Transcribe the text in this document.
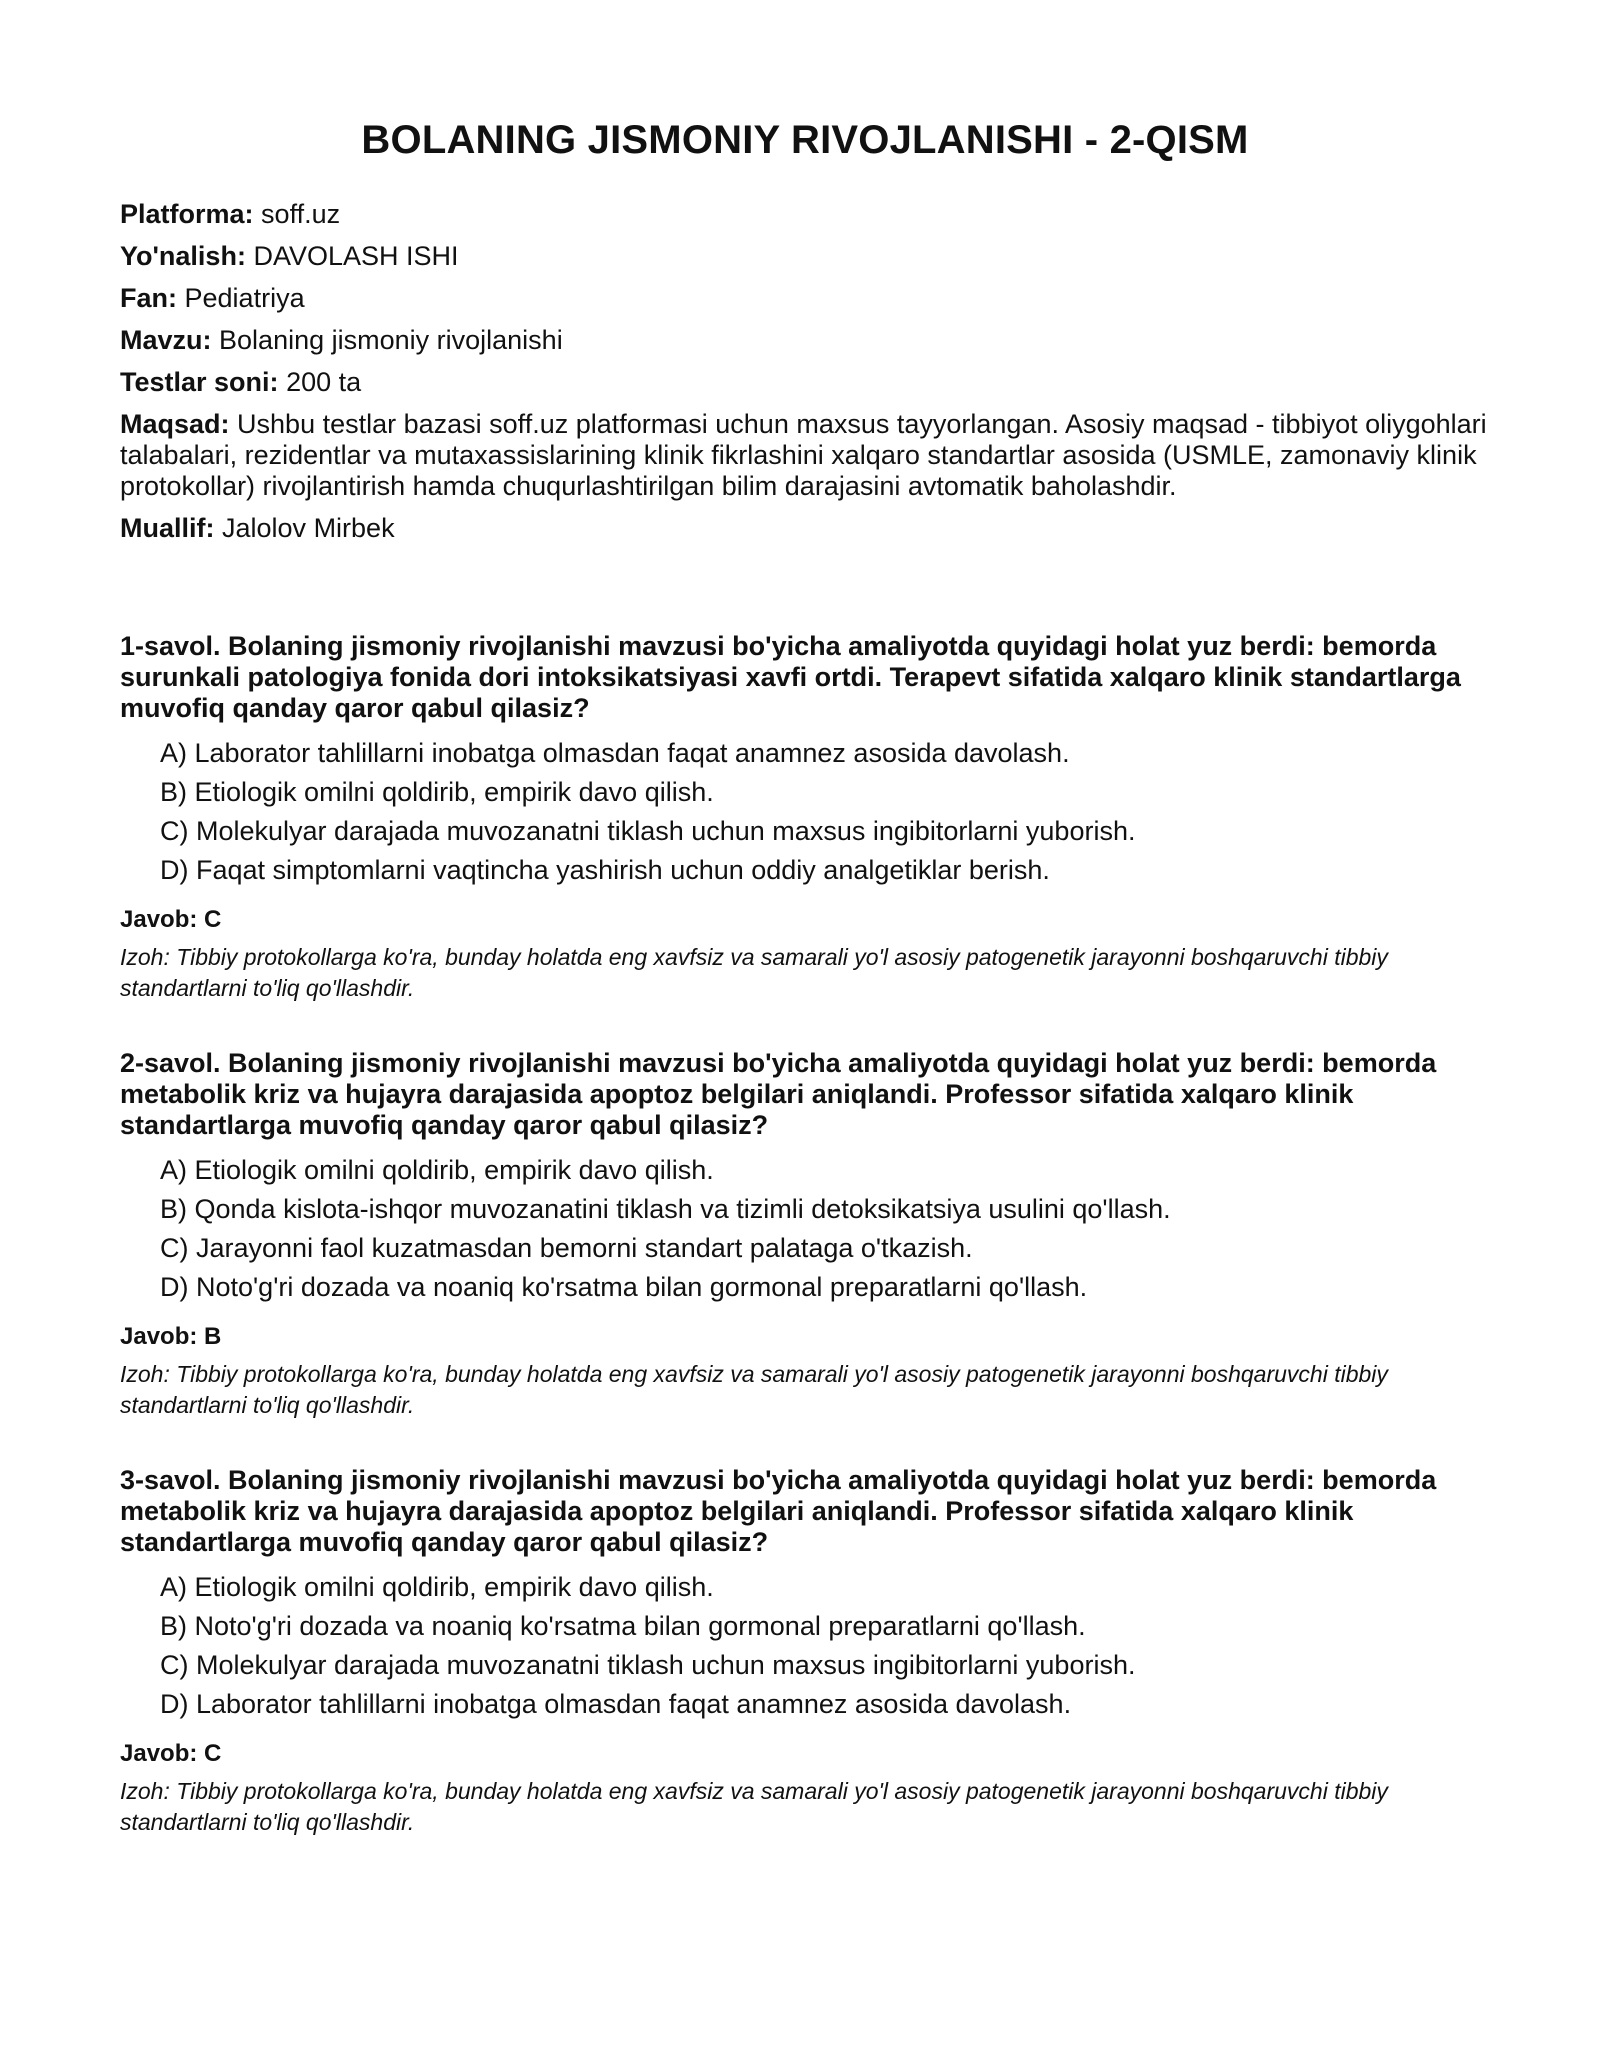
BOLANING JISMONIY RIVOJLANISHI - 2-QISM

Platforma: soff.uz

Yo'nalish: DAVOLASH ISHI

Fan: Pediatriya

Mavzu: Bolaning jismoniy rivojlanishi

Testlar soni: 200 ta

Maqsad: Ushbu testlar bazasi soff.uz platformasi uchun maxsus tayyorlangan. Asosiy maqsad - tibbiyot oliygohlari talabalari, rezidentlar va mutaxassislarining klinik fikrlashini xalqaro standartlar asosida (USMLE, zamonaviy klinik protokollar) rivojlantirish hamda chuqurlashtirilgan bilim darajasini avtomatik baholashdir.

Muallif: Jalolov Mirbek

1-savol. Bolaning jismoniy rivojlanishi mavzusi bo'yicha amaliyotda quyidagi holat yuz berdi: bemorda surunkali patologiya fonida dori intoksikatsiyasi xavfi ortdi. Terapevt sifatida xalqaro klinik standartlarga muvofiq qanday qaror qabul qilasiz?

A) Laborator tahlillarni inobatga olmasdan faqat anamnez asosida davolash.

B) Etiologik omilni qoldirib, empirik davo qilish.

C) Molekulyar darajada muvozanatni tiklash uchun maxsus ingibitorlarni yuborish.

D) Faqat simptomlarni vaqtincha yashirish uchun oddiy analgetiklar berish.

Javob: C

Izoh: Tibbiy protokollarga ko'ra, bunday holatda eng xavfsiz va samarali yo'l asosiy patogenetik jarayonni boshqaruvchi tibbiy standartlarni to'liq qo'llashdir.

2-savol. Bolaning jismoniy rivojlanishi mavzusi bo'yicha amaliyotda quyidagi holat yuz berdi: bemorda metabolik kriz va hujayra darajasida apoptoz belgilari aniqlandi. Professor sifatida xalqaro klinik standartlarga muvofiq qanday qaror qabul qilasiz?

A) Etiologik omilni qoldirib, empirik davo qilish.

B) Qonda kislota-ishqor muvozanatini tiklash va tizimli detoksikatsiya usulini qo'llash.

C) Jarayonni faol kuzatmasdan bemorni standart palataga o'tkazish.

D) Noto'g'ri dozada va noaniq ko'rsatma bilan gormonal preparatlarni qo'llash.

Javob: B

Izoh: Tibbiy protokollarga ko'ra, bunday holatda eng xavfsiz va samarali yo'l asosiy patogenetik jarayonni boshqaruvchi tibbiy standartlarni to'liq qo'llashdir.

3-savol. Bolaning jismoniy rivojlanishi mavzusi bo'yicha amaliyotda quyidagi holat yuz berdi: bemorda metabolik kriz va hujayra darajasida apoptoz belgilari aniqlandi. Professor sifatida xalqaro klinik standartlarga muvofiq qanday qaror qabul qilasiz?

A) Etiologik omilni qoldirib, empirik davo qilish.

B) Noto'g'ri dozada va noaniq ko'rsatma bilan gormonal preparatlarni qo'llash.

C) Molekulyar darajada muvozanatni tiklash uchun maxsus ingibitorlarni yuborish.

D) Laborator tahlillarni inobatga olmasdan faqat anamnez asosida davolash.

Javob: C

Izoh: Tibbiy protokollarga ko'ra, bunday holatda eng xavfsiz va samarali yo'l asosiy patogenetik jarayonni boshqaruvchi tibbiy standartlarni to'liq qo'llashdir.
